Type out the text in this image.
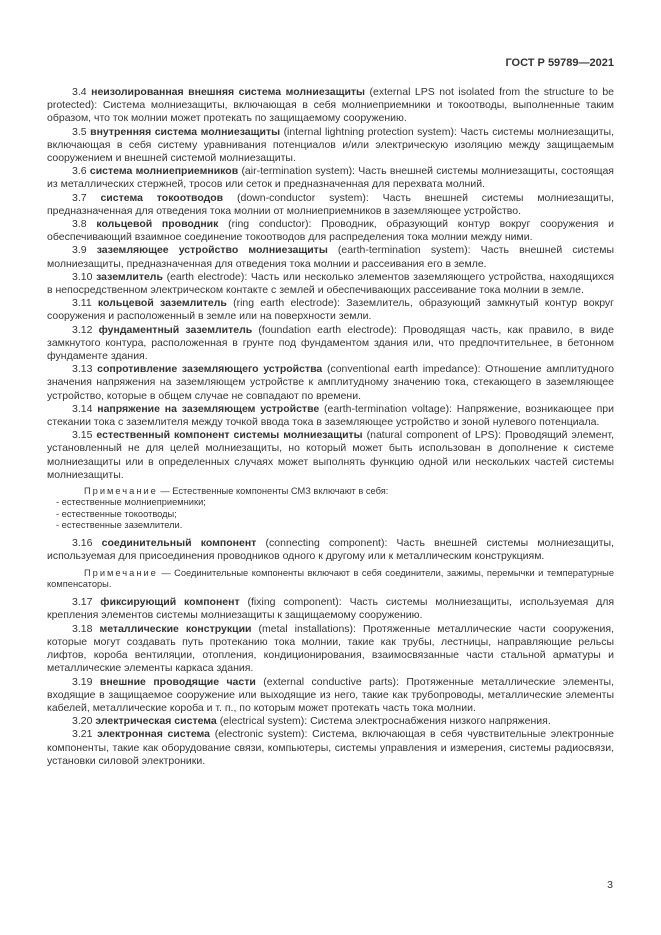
ГОСТ Р 59789—2021

3.4 неизолированная внешняя система молниезащиты (external LPS not isolated from the structure to be protected): Система молниезащиты, включающая в себя молниеприемники и токоотводы, выполненные таким образом, что ток молнии может протекать по защищаемому сооружению.

3.5 внутренняя система молниезащиты (internal lightning protection system): Часть системы молниезащиты, включающая в себя систему уравнивания потенциалов и/или электрическую изоляцию между защищаемым сооружением и внешней системой молниезащиты.

3.6 система молниеприемников (air-termination system): Часть внешней системы молниезащиты, состоящая из металлических стержней, тросов или сеток и предназначенная для перехвата молний.

3.7 система токоотводов (down-conductor system): Часть внешней системы молниезащиты, предназначенная для отведения тока молнии от молниеприемников в заземляющее устройство.

3.8 кольцевой проводник (ring conductor): Проводник, образующий контур вокруг сооружения и обеспечивающий взаимное соединение токоотводов для распределения тока молнии между ними.

3.9 заземляющее устройство молниезащиты (earth-termination system): Часть внешней системы молниезащиты, предназначенная для отведения тока молнии и рассеивания его в земле.

3.10 заземлитель (earth electrode): Часть или несколько элементов заземляющего устройства, находящихся в непосредственном электрическом контакте с землей и обеспечивающих рассеивание тока молнии в земле.

3.11 кольцевой заземлитель (ring earth electrode): Заземлитель, образующий замкнутый контур вокруг сооружения и расположенный в земле или на поверхности земли.

3.12 фундаментный заземлитель (foundation earth electrode): Проводящая часть, как правило, в виде замкнутого контура, расположенная в грунте под фундаментом здания или, что предпочтительнее, в бетонном фундаменте здания.

3.13 сопротивление заземляющего устройства (conventional earth impedance): Отношение амплитудного значения напряжения на заземляющем устройстве к амплитудному значению тока, стекающего в заземляющее устройство, которые в общем случае не совпадают по времени.

3.14 напряжение на заземляющем устройстве (earth-termination voltage): Напряжение, возникающее при стекании тока с заземлителя между точкой ввода тока в заземляющее устройство и зоной нулевого потенциала.

3.15 естественный компонент системы молниезащиты (natural component of LPS): Проводящий элемент, установленный не для целей молниезащиты, но который может быть использован в дополнение к системе молниезащиты или в определенных случаях может выполнять функцию одной или нескольких частей системы молниезащиты.

Примечание — Естественные компоненты СМЗ включают в себя:

- естественные молниеприемники;

- естественные токоотводы;

- естественные заземлители.

3.16 соединительный компонент (connecting component): Часть внешней системы молниезащиты, используемая для присоединения проводников одного к другому или к металлическим конструкциям.

Примечание — Соединительные компоненты включают в себя соединители, зажимы, перемычки и температурные компенсаторы.

3.17 фиксирующий компонент (fixing component): Часть системы молниезащиты, используемая для крепления элементов системы молниезащиты к защищаемому сооружению.

3.18 металлические конструкции (metal installations): Протяженные металлические части сооружения, которые могут создавать путь протеканию тока молнии, такие как трубы, лестницы, направляющие рельсы лифтов, короба вентиляции, отопления, кондиционирования, взаимосвязанные части стальной арматуры и металлические элементы каркаса здания.

3.19 внешние проводящие части (external conductive parts): Протяженные металлические элементы, входящие в защищаемое сооружение или выходящие из него, такие как трубопроводы, металлические элементы кабелей, металлические короба и т. п., по которым может протекать часть тока молнии.

3.20 электрическая система (electrical system): Система электроснабжения низкого напряжения.

3.21 электронная система (electronic system): Система, включающая в себя чувствительные электронные компоненты, такие как оборудование связи, компьютеры, системы управления и измерения, системы радиосвязи, установки силовой электроники.

3
